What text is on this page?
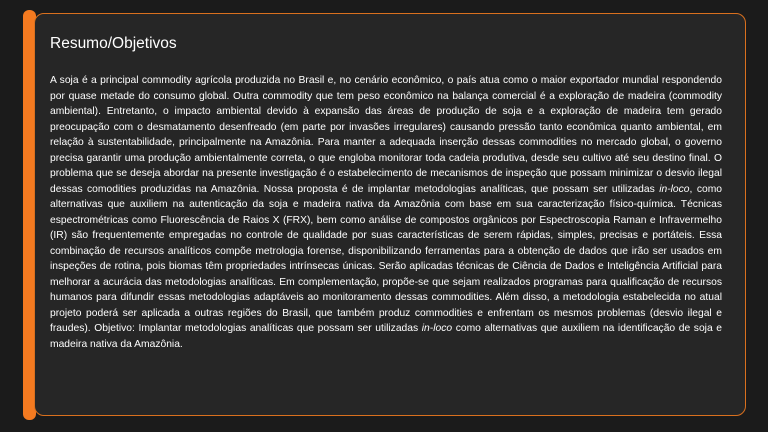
Resumo/Objetivos

A soja é a principal commodity agrícola produzida no Brasil e, no cenário econômico, o país atua como o maior exportador mundial respondendo por quase metade do consumo global. Outra commodity que tem peso econômico na balança comercial é a exploração de madeira (commodity ambiental). Entretanto, o impacto ambiental devido à expansão das áreas de produção de soja e a exploração de madeira tem gerado preocupação com o desmatamento desenfreado (em parte por invasões irregulares) causando pressão tanto econômica quanto ambiental, em relação à sustentabilidade, principalmente na Amazônia. Para manter a adequada inserção dessas commodities no mercado global, o governo precisa garantir uma produção ambientalmente correta, o que engloba monitorar toda cadeia produtiva, desde seu cultivo até seu destino final. O problema que se deseja abordar na presente investigação é o estabelecimento de mecanismos de inspeção que possam minimizar o desvio ilegal dessas comodities produzidas na Amazônia. Nossa proposta é de implantar metodologias analíticas, que possam ser utilizadas in-loco, como alternativas que auxiliem na autenticação da soja e madeira nativa da Amazônia com base em sua caracterização físico-química. Técnicas espectrométricas como Fluorescência de Raios X (FRX), bem como análise de compostos orgânicos por Espectroscopia Raman e Infravermelho (IR) são frequentemente empregadas no controle de qualidade por suas características de serem rápidas, simples, precisas e portáteis. Essa combinação de recursos analíticos compõe metrologia forense, disponibilizando ferramentas para a obtenção de dados que irão ser usados em inspeções de rotina, pois biomas têm propriedades intrínsecas únicas. Serão aplicadas técnicas de Ciência de Dados e Inteligência Artificial para melhorar a acurácia das metodologias analíticas. Em complementação, propõe-se que sejam realizados programas para qualificação de recursos humanos para difundir essas metodologias adaptáveis ao monitoramento dessas commodities. Além disso, a metodologia estabelecida no atual projeto poderá ser aplicada a outras regiões do Brasil, que também produz commodities e enfrentam os mesmos problemas (desvio ilegal e fraudes). Objetivo: Implantar metodologias analíticas que possam ser utilizadas in-loco como alternativas que auxiliem na identificação de soja e madeira nativa da Amazônia.
